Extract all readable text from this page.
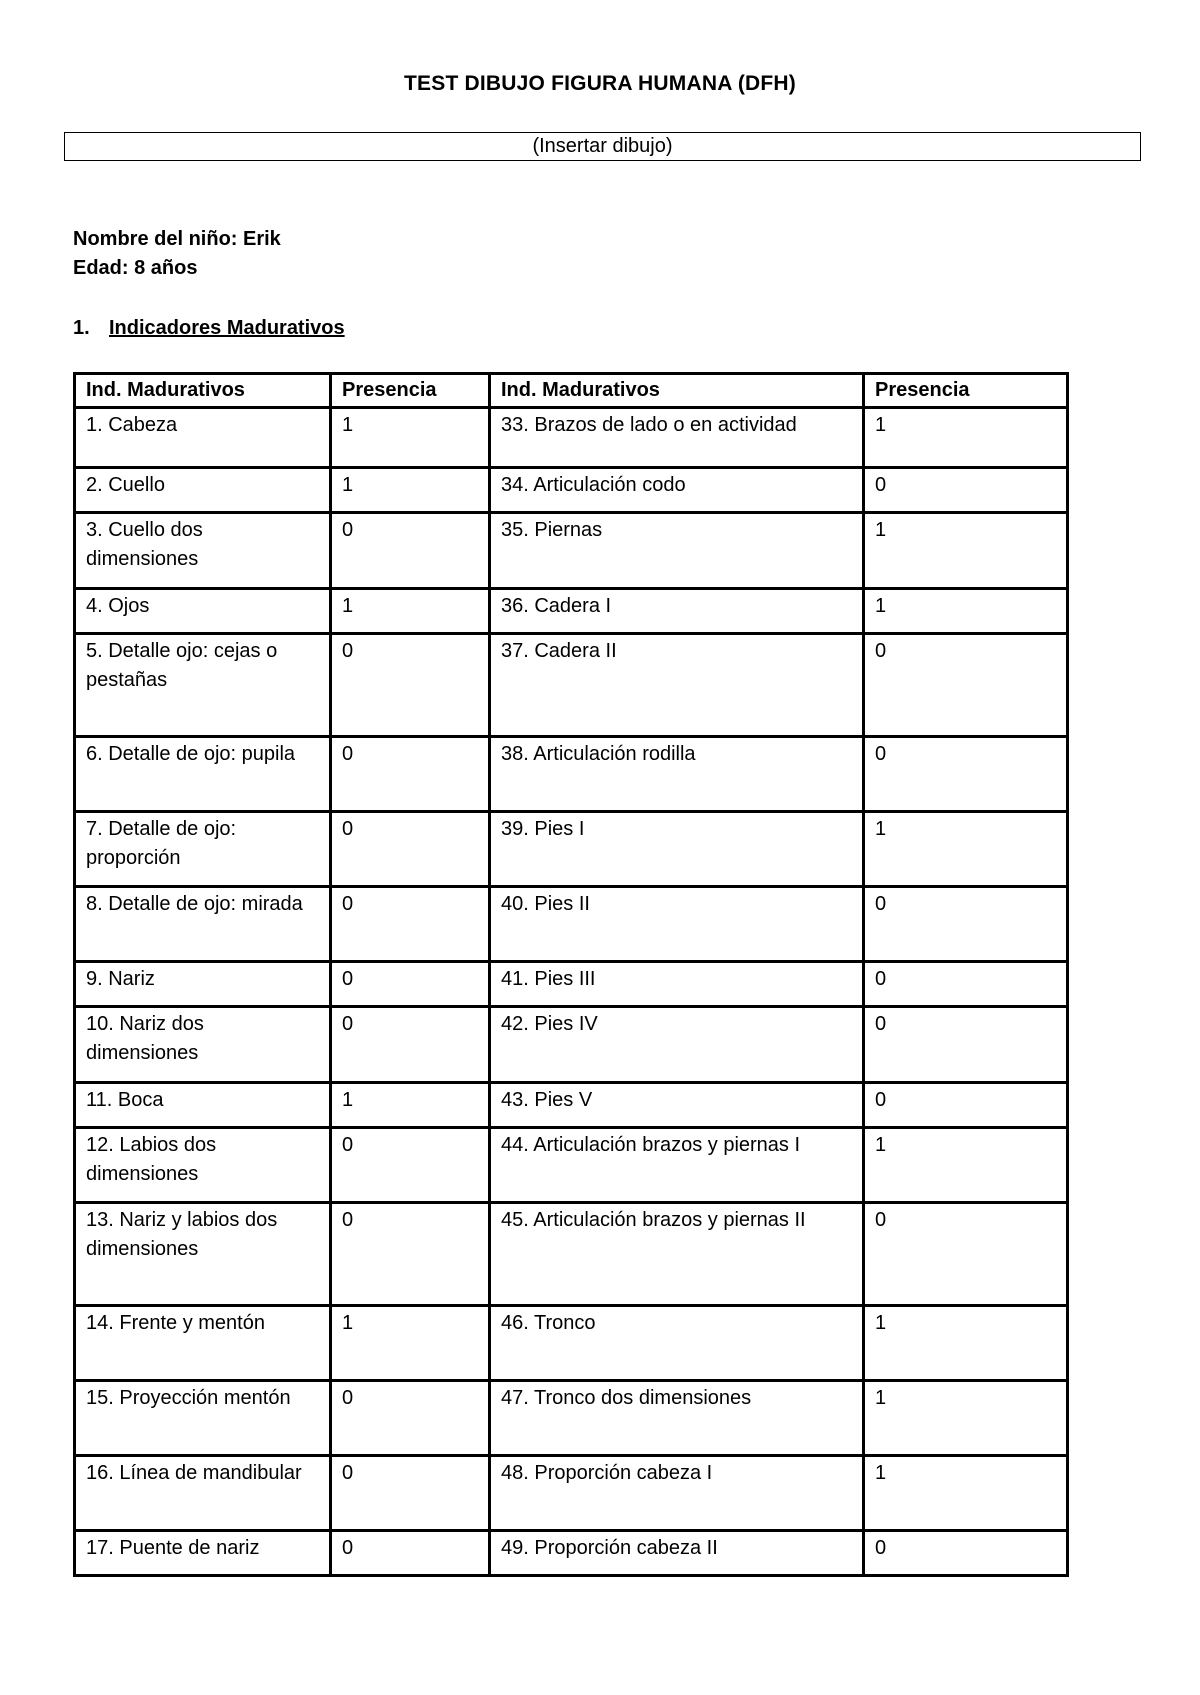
TEST DIBUJO FIGURA HUMANA (DFH)
(Insertar dibujo)
Nombre del niño: Erik
Edad: 8 años
1. Indicadores Madurativos
Ind. Madurativos	Presencia	Ind. Madurativos	Presencia
1. Cabeza	1	33. Brazos de lado o en actividad	1
2. Cuello	1	34. Articulación codo	0
3. Cuello dos dimensiones	0	35. Piernas	1
4. Ojos	1	36. Cadera I	1
5. Detalle ojo: cejas o pestañas	0	37. Cadera II	0
6. Detalle de ojo: pupila	0	38. Articulación rodilla	0
7. Detalle de ojo: proporción	0	39. Pies I	1
8. Detalle de ojo: mirada	0	40. Pies II	0
9. Nariz	0	41. Pies III	0
10. Nariz dos dimensiones	0	42. Pies IV	0
11. Boca	1	43. Pies V	0
12. Labios dos dimensiones	0	44. Articulación brazos y piernas I	1
13. Nariz y labios dos dimensiones	0	45. Articulación brazos y piernas II	0
14. Frente y mentón	1	46. Tronco	1
15. Proyección mentón	0	47. Tronco dos dimensiones	1
16. Línea de mandibular	0	48. Proporción cabeza I	1
17. Puente de nariz	0	49. Proporción cabeza II	0
